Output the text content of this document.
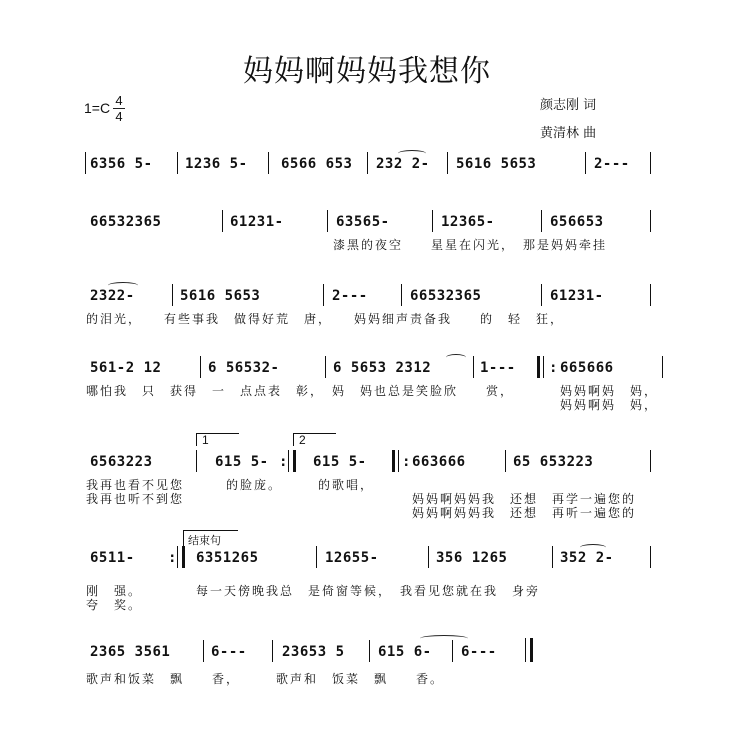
妈妈啊妈妈我想你
$1=C \frac{4}{4}$	颜志刚 词
黄清林 曲
6356 5- 1236 5- 6566 653 232 2- 5616 5653	2---
66532365	61231-	63565-	12365-	656653
漆黑的夜空　　星星在闪光，　那是妈妈牵挂
2322-	5616 5653	2---	66532365	61231-
的泪光，　　有些事我　做得好荒　唐，　　妈妈细声责备我　　的　轻　狂，
561-2 12	6 56532-	6 5653 2312	1--- : 665666
哪怕我　只　获得　一　点点表　彰，　妈　妈也总是笑脸欣　　赏，	妈妈啊妈　妈，
妈妈啊妈　妈，
1	2
6563223	615 5- : 615 5-	: 663666	65 653223
我再也看不见您　　　的脸庞。　　　的歌唱，
我再也听不到您	妈妈啊妈妈我　还想　再学一遍您的
妈妈啊妈妈我　还想　再听一遍您的
结束句
6511- : 6351265	12655-	356 1265	352 2-
刚　强。
夸　奖。
每一天傍晚我总　是倚窗等候，　我看见您就在我　身旁
2365 3561	6---	23653 5 615 6- 6---
歌声和饭菜　飘　　香，　　　歌声和　饭菜　飘　　香。
